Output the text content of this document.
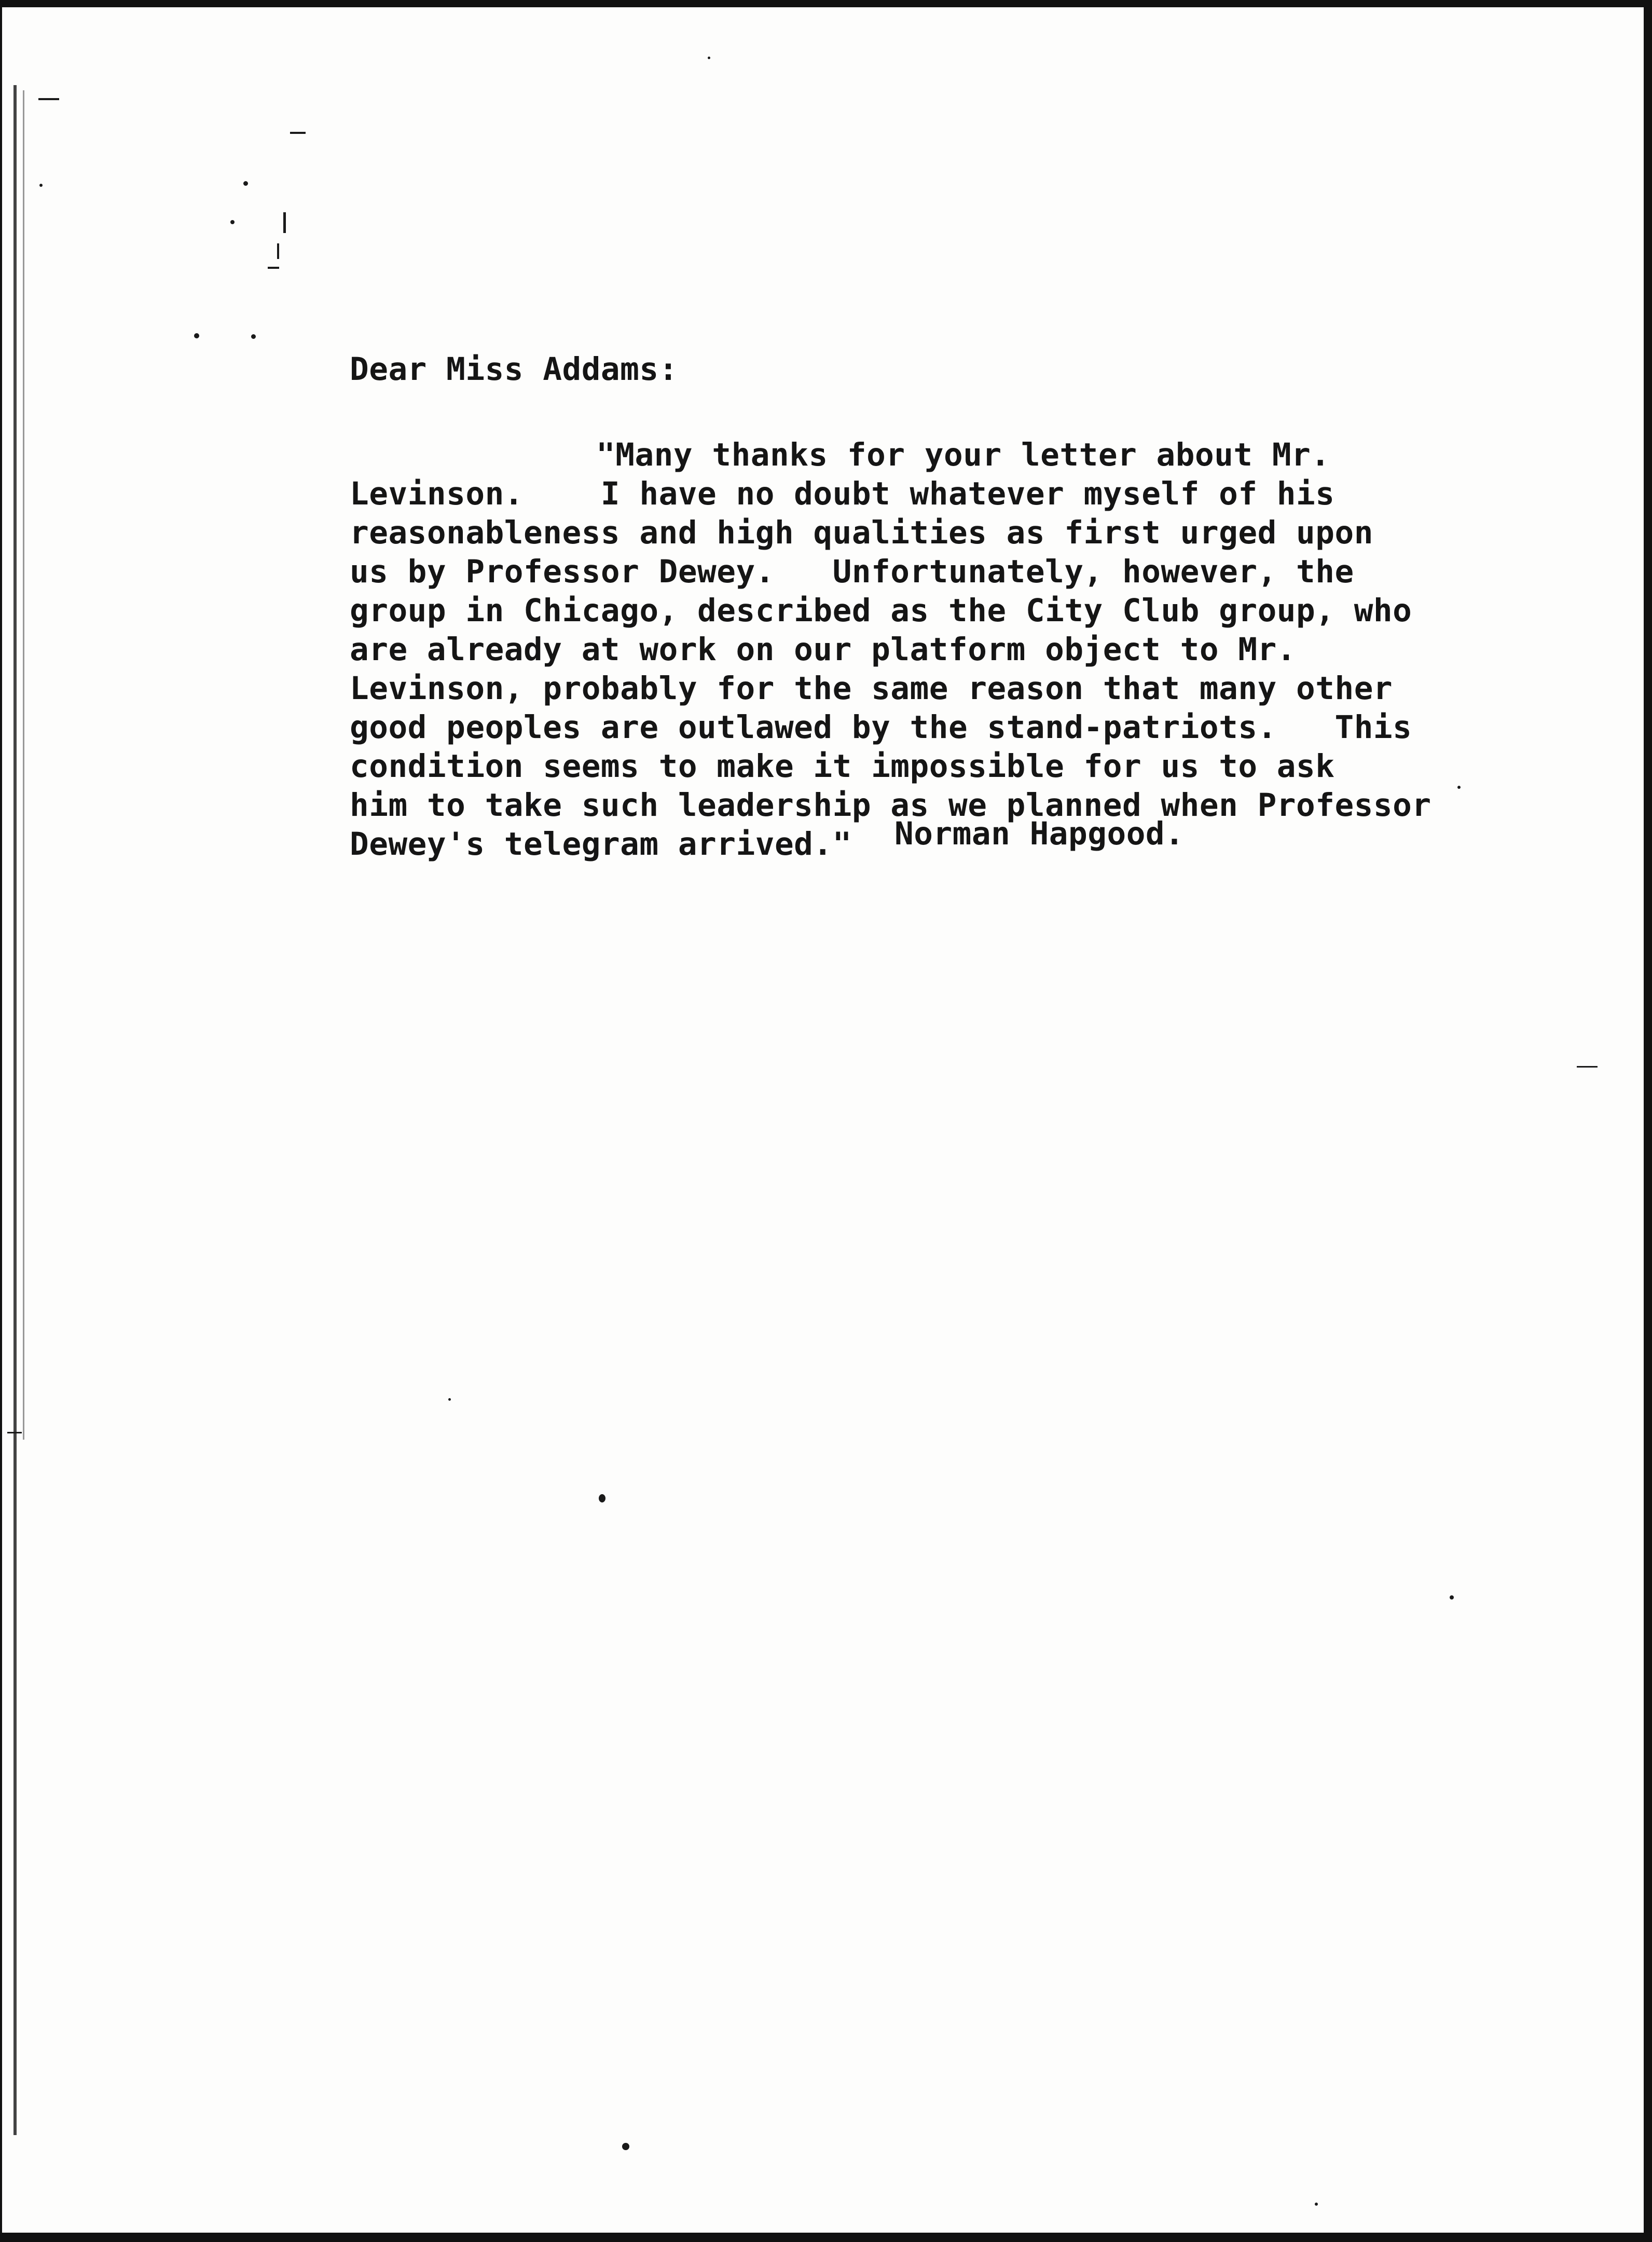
Dear Miss Addams:
"Many thanks for your letter about Mr.
Levinson.    I have no doubt whatever myself of his
reasonableness and high qualities as first urged upon
us by Professor Dewey.   Unfortunately, however, the
group in Chicago, described as the City Club group, who
are already at work on our platform object to Mr.
Levinson, probably for the same reason that many other
good peoples are outlawed by the stand-patriots.   This
condition seems to make it impossible for us to ask
him to take such leadership as we planned when Professor
Dewey's telegram arrived."	Norman Hapgood.
